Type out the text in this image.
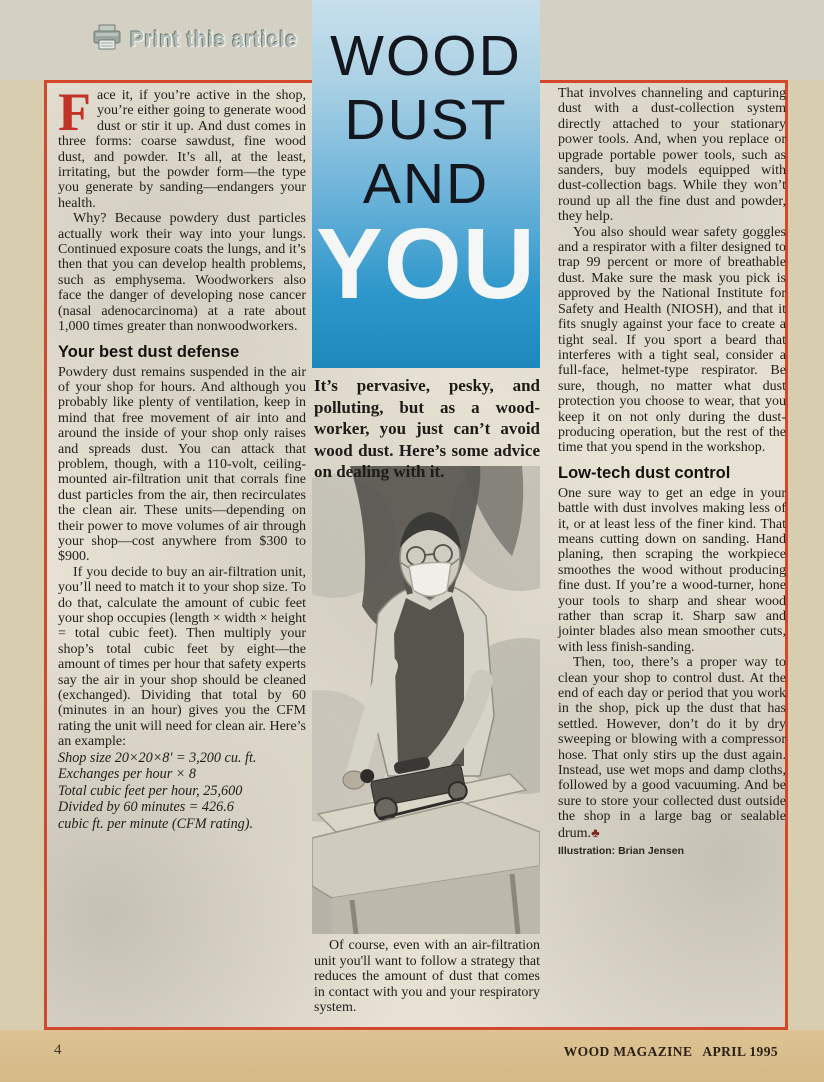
Print this article WOOD
DUST
AND
YOU

Face it, if you’re active in the shop, you’re either going to generate wood dust or stir it up. And dust comes in three forms: coarse sawdust, fine wood dust, and powder. It’s all, at the least, irritating, but the powder form—the type you generate by sanding—endangers your health.

Why? Because powdery dust particles actually work their way into your lungs. Continued exposure coats the lungs, and it’s then that you can develop health problems, such as emphysema. Woodworkers also face the danger of developing nose cancer (nasal adenocarcinoma) at a rate about 1,000 times greater than nonwoodworkers.

Your best dust defense

Powdery dust remains suspended in the air of your shop for hours. And although you probably like plenty of ventilation, keep in mind that free movement of air into and around the inside of your shop only raises and spreads dust. You can attack that problem, though, with a 110-volt, ceiling-mounted air-filtration unit that corrals fine dust particles from the air, then recirculates the clean air. These units—depending on their power to move volumes of air through your shop—cost anywhere from $300 to $900.

If you decide to buy an air-filtration unit, you’ll need to match it to your shop size. To do that, calculate the amount of cubic feet your shop occupies (length × width × height = total cubic feet). Then multiply your shop’s total cubic feet by eight—the amount of times per hour that safety experts say the air in your shop should be cleaned (exchanged). Dividing that total by 60 (minutes in an hour) gives you the CFM rating the unit will need for clean air. Here’s an example:

Shop size 20×20×8' = 3,200 cu. ft.
Exchanges per hour × 8
Total cubic feet per hour, 25,600
Divided by 60 minutes = 426.6
cubic ft. per minute (CFM rating).
It’s pervasive, pesky, and polluting, but as a wood-worker, you just can’t avoid wood dust. Here’s some advice on dealing with it.

Of course, even with an air-filtration unit you'll want to follow a strategy that reduces the amount of dust that comes in contact with you and your respiratory system.

That involves channeling and capturing dust with a dust-collection system directly attached to your stationary power tools. And, when you replace or upgrade portable power tools, such as sanders, buy models equipped with dust-collection bags. While they won’t round up all the fine dust and powder, they help.

You also should wear safety goggles and a respirator with a filter designed to trap 99 percent or more of breathable dust. Make sure the mask you pick is approved by the National Institute for Safety and Health (NIOSH), and that it fits snugly against your face to create a tight seal. If you sport a beard that interferes with a tight seal, consider a full-face, helmet-type respirator. Be sure, though, no matter what dust protection you choose to wear, that you keep it on not only during the dust-producing operation, but the rest of the time that you spend in the workshop.

Low-tech dust control

One sure way to get an edge in your battle with dust involves making less of it, or at least less of the finer kind. That means cutting down on sanding. Hand planing, then scraping the workpiece smoothes the wood without producing fine dust. If you’re a wood-turner, hone your tools to sharp and shear wood rather than scrap it. Sharp saw and jointer blades also mean smoother cuts, with less finish-sanding.

Then, too, there’s a proper way to clean your shop to control dust. At the end of each day or period that you work in the shop, pick up the dust that has settled. However, don’t do it by dry sweeping or blowing with a compressor hose. That only stirs up the dust again. Instead, use wet mops and damp cloths, followed by a good vacuuming. And be sure to store your collected dust outside the shop in a large bag or sealable drum.♣

Illustration: Brian Jensen
4	WOOD MAGAZINE APRIL 1995
